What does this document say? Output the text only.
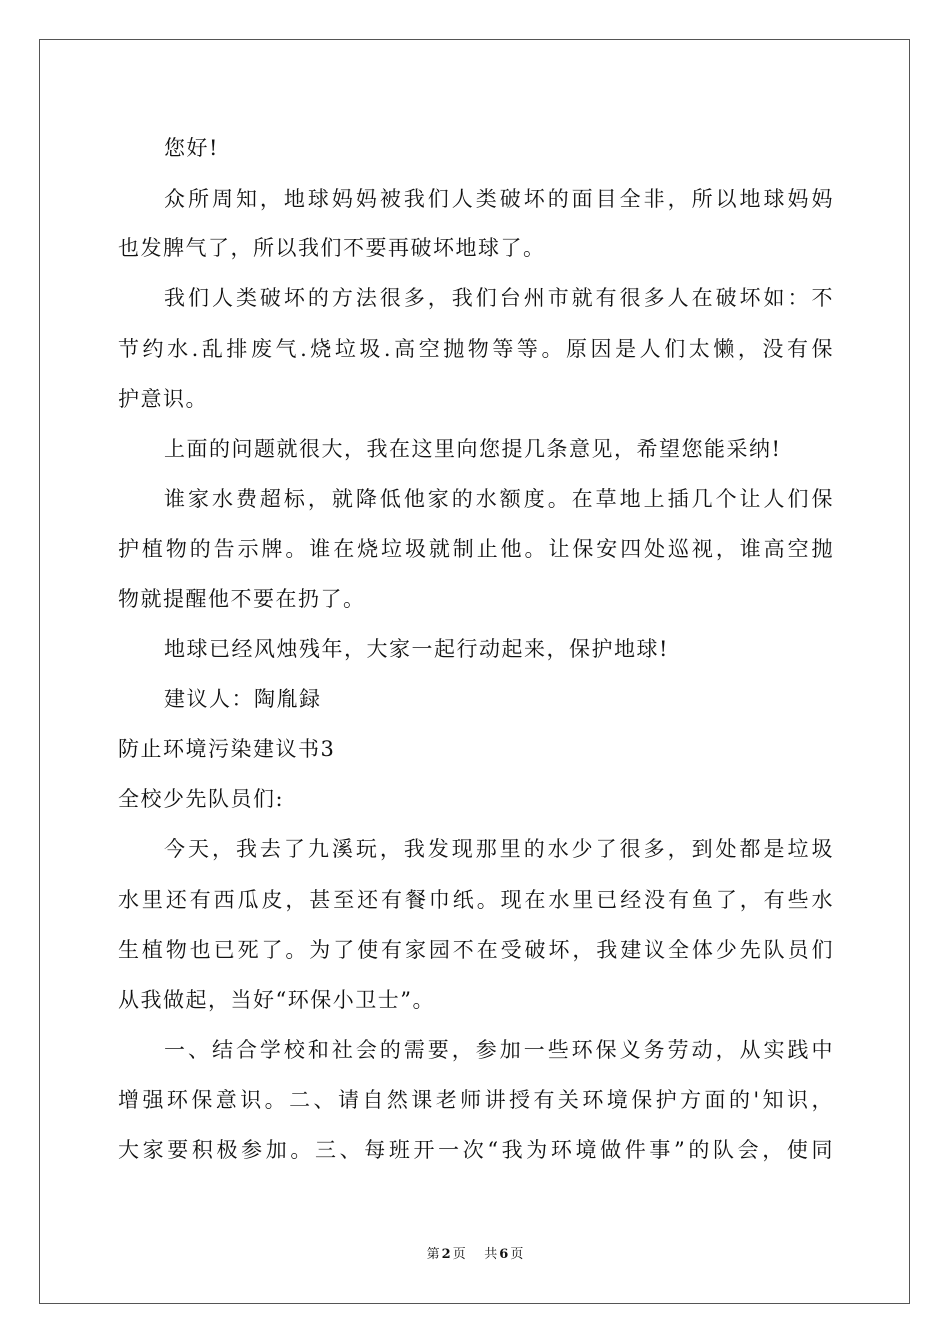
您好!
众所周知，地球妈妈被我们人类破坏的面目全非，所以地球妈妈
也发脾气了，所以我们不要再破坏地球了。
我们人类破坏的方法很多，我们台州市就有很多人在破坏如：不
节约水.乱排废气.烧垃圾.高空抛物等等。原因是人们太懒，没有保
护意识。
上面的问题就很大，我在这里向您提几条意见，希望您能采纳!
谁家水费超标，就降低他家的水额度。在草地上插几个让人们保
护植物的告示牌。谁在烧垃圾就制止他。让保安四处巡视，谁高空抛
物就提醒他不要在扔了。
地球已经风烛残年，大家一起行动起来，保护地球!
建议人：陶胤録
防止环境污染建议书3
全校少先队员们:
今天，我去了九溪玩，我发现那里的水少了很多，到处都是垃圾
水里还有西瓜皮，甚至还有餐巾纸。现在水里已经没有鱼了，有些水
生植物也已死了。为了使有家园不在受破坏，我建议全体少先队员们
从我做起，当好“环保小卫士”。
一、结合学校和社会的需要，参加一些环保义务劳动，从实践中
增强环保意识。二、请自然课老师讲授有关环境保护方面的'知识，
大家要积极参加。三、每班开一次“我为环境做件事”的队会，使同
第 2 页 共 6 页
